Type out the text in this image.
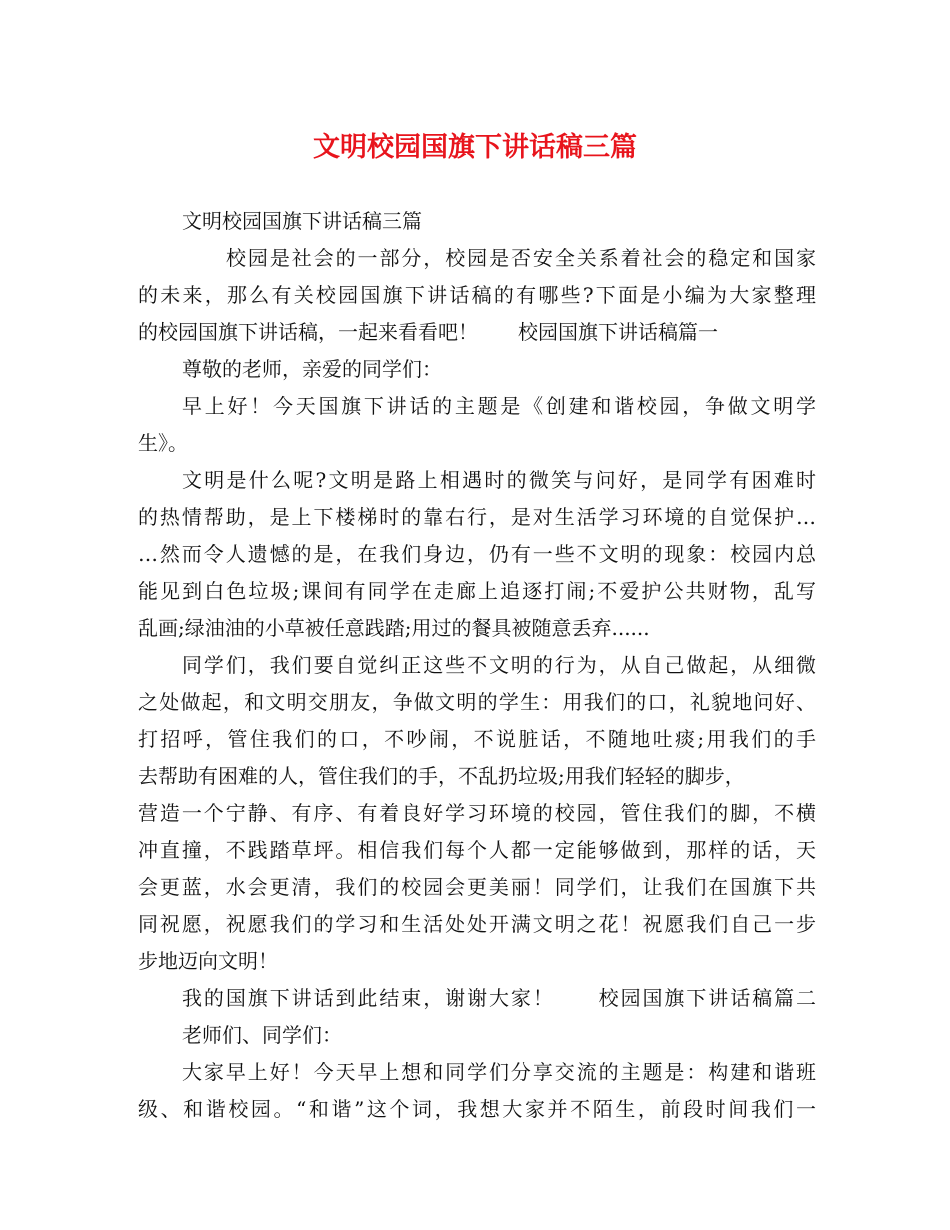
文明校园国旗下讲话稿三篇
文明校园国旗下讲话稿三篇
校园是社会的一部分，校园是否安全关系着社会的稳定和国家
的未来，那么有关校园国旗下讲话稿的有哪些?下面是小编为大家整理
的校园国旗下讲话稿，一起来看看吧！　　校园国旗下讲话稿篇一
尊敬的老师，亲爱的同学们：
早上好！今天国旗下讲话的主题是《创建和谐校园，争做文明学
生》。
文明是什么呢?文明是路上相遇时的微笑与问好，是同学有困难时
的热情帮助，是上下楼梯时的靠右行，是对生活学习环境的自觉保护…
…然而令人遗憾的是，在我们身边，仍有一些不文明的现象：校园内总
能见到白色垃圾;课间有同学在走廊上追逐打闹;不爱护公共财物，乱写
乱画;绿油油的小草被任意践踏;用过的餐具被随意丢弃......
同学们，我们要自觉纠正这些不文明的行为，从自己做起，从细微
之处做起，和文明交朋友，争做文明的学生：用我们的口，礼貌地问好、
打招呼，管住我们的口，不吵闹，不说脏话，不随地吐痰;用我们的手
去帮助有困难的人，管住我们的手，不乱扔垃圾;用我们轻轻的脚步，
营造一个宁静、有序、有着良好学习环境的校园，管住我们的脚，不横
冲直撞，不践踏草坪。相信我们每个人都一定能够做到，那样的话，天
会更蓝，水会更清，我们的校园会更美丽！同学们，让我们在国旗下共
同祝愿，祝愿我们的学习和生活处处开满文明之花！祝愿我们自己一步
步地迈向文明！
我的国旗下讲话到此结束，谢谢大家！　　校园国旗下讲话稿篇二
老师们、同学们：
大家早上好！今天早上想和同学们分享交流的主题是：构建和谐班
级、和谐校园。“和谐”这个词，我想大家并不陌生，前段时间我们一
